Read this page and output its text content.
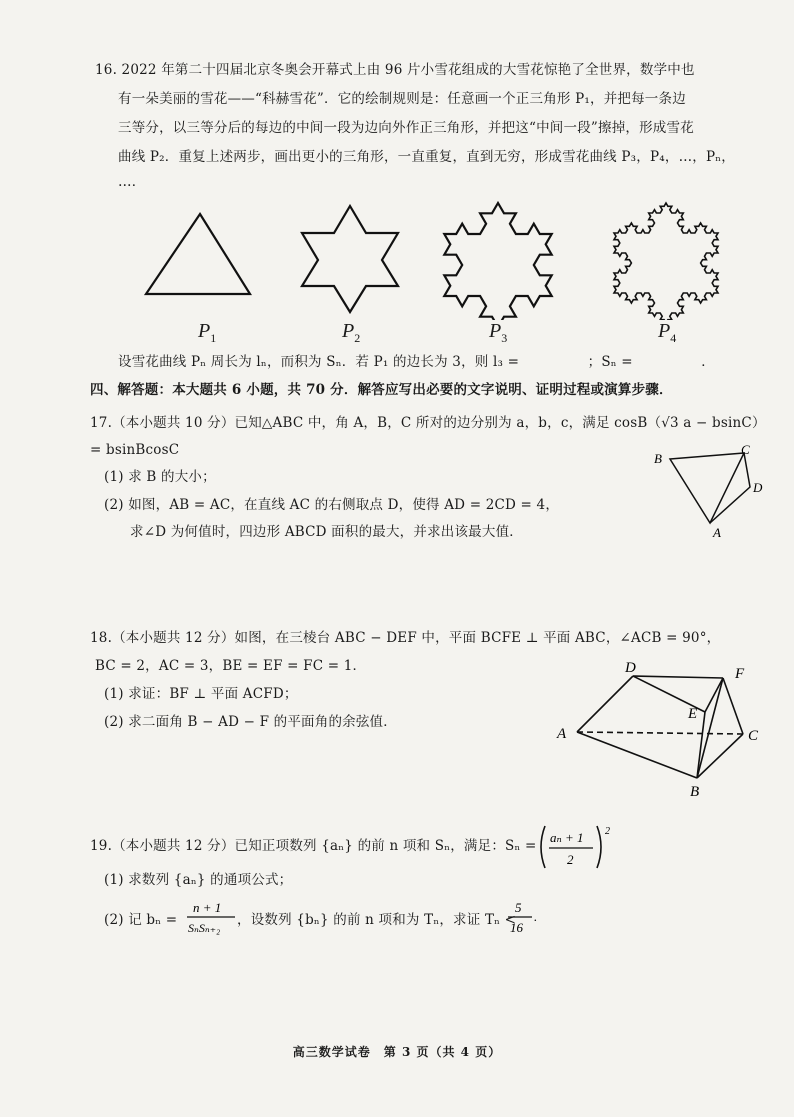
16. 2022 年第二十四届北京冬奥会开幕式上由 96 片小雪花组成的大雪花惊艳了全世界，数学中也
有一朵美丽的雪花——“科赫雪花”．它的绘制规则是：任意画一个正三角形 P₁，并把每一条边
三等分，以三等分后的每边的中间一段为边向外作正三角形，并把这“中间一段”擦掉，形成雪花
曲线 P₂．重复上述两步，画出更小的三角形，一直重复，直到无穷，形成雪花曲线 P₃，P₄，…，Pₙ，
…．
$P_1$	$P_2$	$P_3$	$P_4$
设雪花曲线 Pₙ 周长为 lₙ，而积为 Sₙ．若 P₁ 的边长为 3，则 l₃ =　　　　　；Sₙ =　　　　　．
四、解答题：本大题共 6 小题，共 70 分．解答应写出必要的文字说明、证明过程或演算步骤．
17.（本小题共 10 分）已知△ABC 中，角 A，B，C 所对的边分别为 a，b，c，满足 cosB（√3 a − bsinC）
= bsinBcosC
(1) 求 B 的大小；
(2) 如图，AB = AC，在直线 AC 的右侧取点 D，使得 AD = 2CD = 4，
求∠D 为何值时，四边形 ABCD 面积的最大，并求出该最大值．
B
C
D
A
18.（本小题共 12 分）如图，在三棱台 ABC − DEF 中，平面 BCFE ⊥ 平面 ABC，∠ACB = 90°，
BC = 2，AC = 3，BE = EF = FC = 1．
(1) 求证：BF ⊥ 平面 ACFD；
(2) 求二面角 B − AD − F 的平面角的余弦值．
D	F
E
A	C
B
19.（本小题共 12 分）已知正项数列 {aₙ} 的前 n 项和 Sₙ，满足：Sₙ =
aₙ + 1
2
2
(1) 求数列 {aₙ} 的通项公式；
(2) 记 bₙ =
n + 1
SₙSₙ₊₂ ，设数列 {bₙ} 的前 n 项和为 Tₙ，求证 Tₙ <
5
16
.
高三数学试卷　第 3 页（共 4 页）
